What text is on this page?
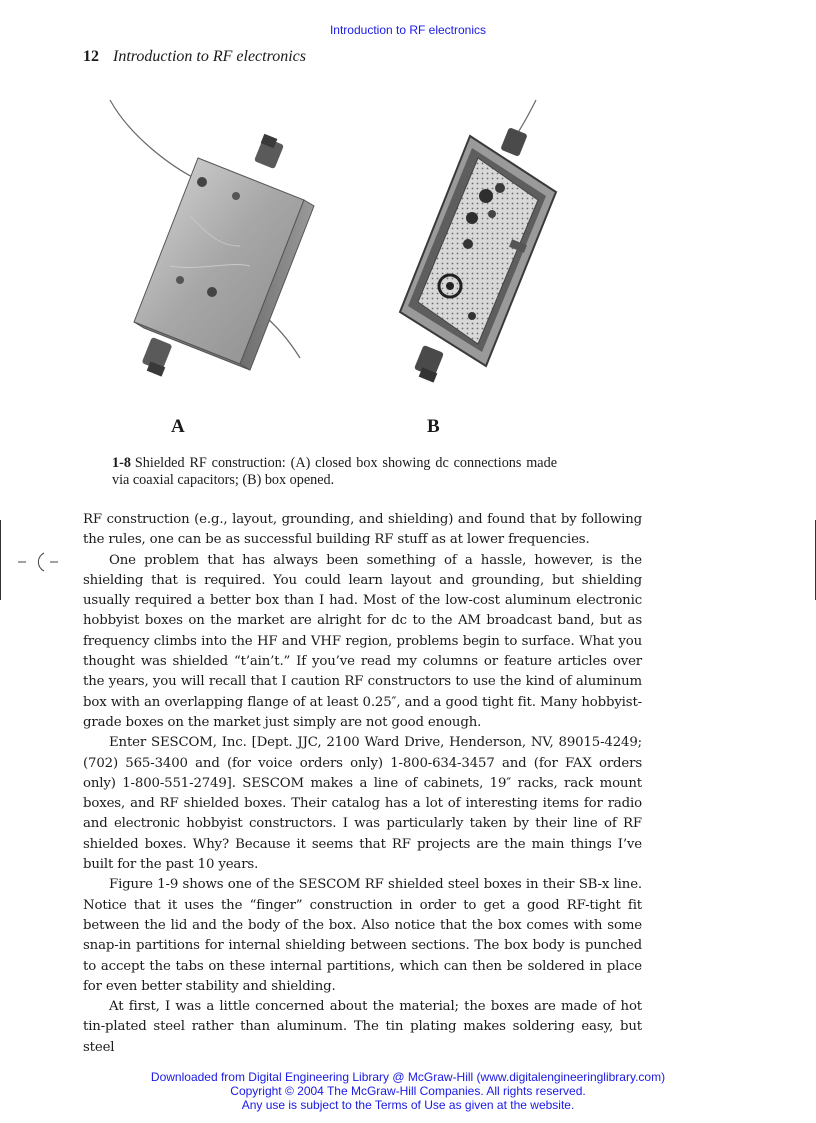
Introduction to RF electronics
12 Introduction to RF electronics
A	B
1-8 Shielded RF construction: (A) closed box showing dc connections made via coaxial capacitors; (B) box opened.

RF construction (e.g., layout, grounding, and shielding) and found that by following the rules, one can be as successful building RF stuff as at lower frequencies.

One problem that has always been something of a hassle, however, is the shielding that is required. You could learn layout and grounding, but shielding usually required a better box than I had. Most of the low-cost aluminum electronic hobbyist boxes on the market are alright for dc to the AM broadcast band, but as frequency climbs into the HF and VHF region, problems begin to surface. What you thought was shielded “t’ain’t.” If you’ve read my columns or feature articles over the years, you will recall that I caution RF constructors to use the kind of aluminum box with an overlapping flange of at least 0.25″, and a good tight fit. Many hobbyist-grade boxes on the market just simply are not good enough.

Enter SESCOM, Inc. [Dept. JJC, 2100 Ward Drive, Henderson, NV, 89015-4249; (702) 565-3400 and (for voice orders only) 1-800-634-3457 and (for FAX orders only) 1-800-551-2749]. SESCOM makes a line of cabinets, 19″ racks, rack mount boxes, and RF shielded boxes. Their catalog has a lot of interesting items for radio and electronic hobbyist constructors. I was particularly taken by their line of RF shielded boxes. Why? Because it seems that RF projects are the main things I’ve built for the past 10 years.

Figure 1-9 shows one of the SESCOM RF shielded steel boxes in their SB-x line. Notice that it uses the “finger” construction in order to get a good RF-tight fit between the lid and the body of the box. Also notice that the box comes with some snap-in partitions for internal shielding between sections. The box body is punched to accept the tabs on these internal partitions, which can then be soldered in place for even better stability and shielding.

At first, I was a little concerned about the material; the boxes are made of hot tin-plated steel rather than aluminum. The tin plating makes soldering easy, but steel

Downloaded from Digital Engineering Library @ McGraw-Hill (www.digitalengineeringlibrary.com)
Copyright © 2004 The McGraw-Hill Companies. All rights reserved.
Any use is subject to the Terms of Use as given at the website.
